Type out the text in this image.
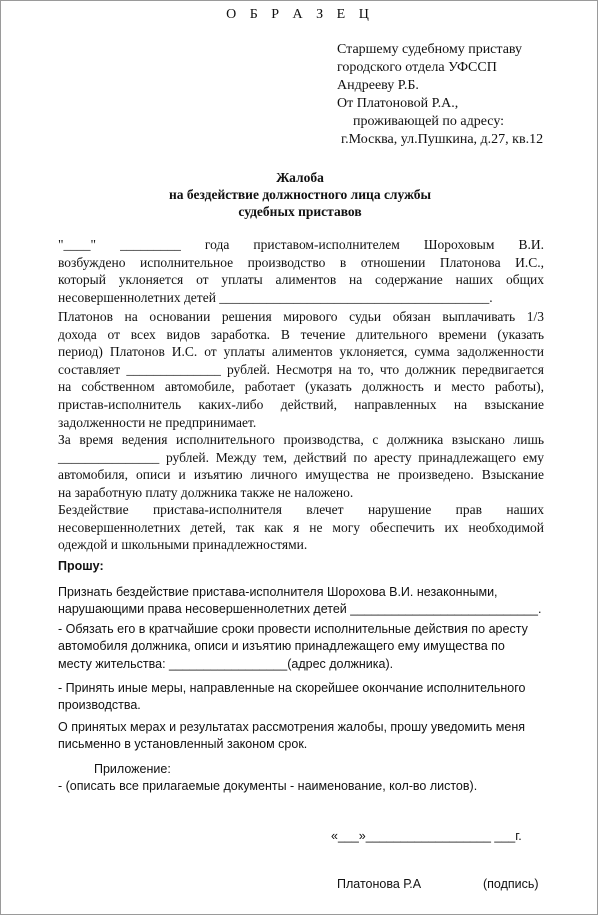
О Б Р А З Е Ц
Старшему судебному приставу
городского отдела УФССП
Андрееву Р.Б.
От Платоновой Р.А.,
проживающей по адресу:
г.Москва, ул.Пушкина, д.27, кв.12
Жалоба
на бездействие должностного лица службы
судебных приставов
"____" _________ года приставом-исполнителем Шороховым В.И.
возбуждено исполнительное производство в отношении Платонова И.С.,
который уклоняется от уплаты алиментов на содержание наших общих
несовершеннолетних детей ________________________________________.
Платонов на основании решения мирового судьи обязан выплачивать 1/3
дохода от всех видов заработка. В течение длительного времени (указать
период) Платонов И.С. от уплаты алиментов уклоняется, сумма задолженности
составляет ______________ рублей. Несмотря на то, что должник передвигается
на собственном автомобиле, работает (указать должность и место работы),
пристав-исполнитель каких-либо действий, направленных на взыскание
задолженности не предпринимает.
За время ведения исполнительного производства, с должника взыскано лишь
_______________ рублей. Между тем, действий по аресту принадлежащего ему
автомобиля, описи и изъятию личного имущества не произведено. Взыскание
на заработную плату должника также не наложено.
Бездействие пристава-исполнителя влечет нарушение прав наших
несовершеннолетних детей, так как я не могу обеспечить их необходимой
одеждой и школьными принадлежностями.
Прошу:
Признать бездействие пристава-исполнителя Шорохова В.И. незаконными,
нарушающими права несовершеннолетних детей ___________________________.
- Обязать его в кратчайшие сроки провести исполнительные действия по аресту
автомобиля должника, описи и изъятию принадлежащего ему имущества по
месту жительства: _________________(адрес должника).
- Принять иные меры, направленные на скорейшее окончание исполнительного
производства.
О принятых мерах и результатах рассмотрения жалобы, прошу уведомить меня
письменно в установленный законом срок.
Приложение:
- (описать все прилагаемые документы - наименование, кол-во листов).
«___»__________________ ___г.
Платонова Р.А	(подпись)
